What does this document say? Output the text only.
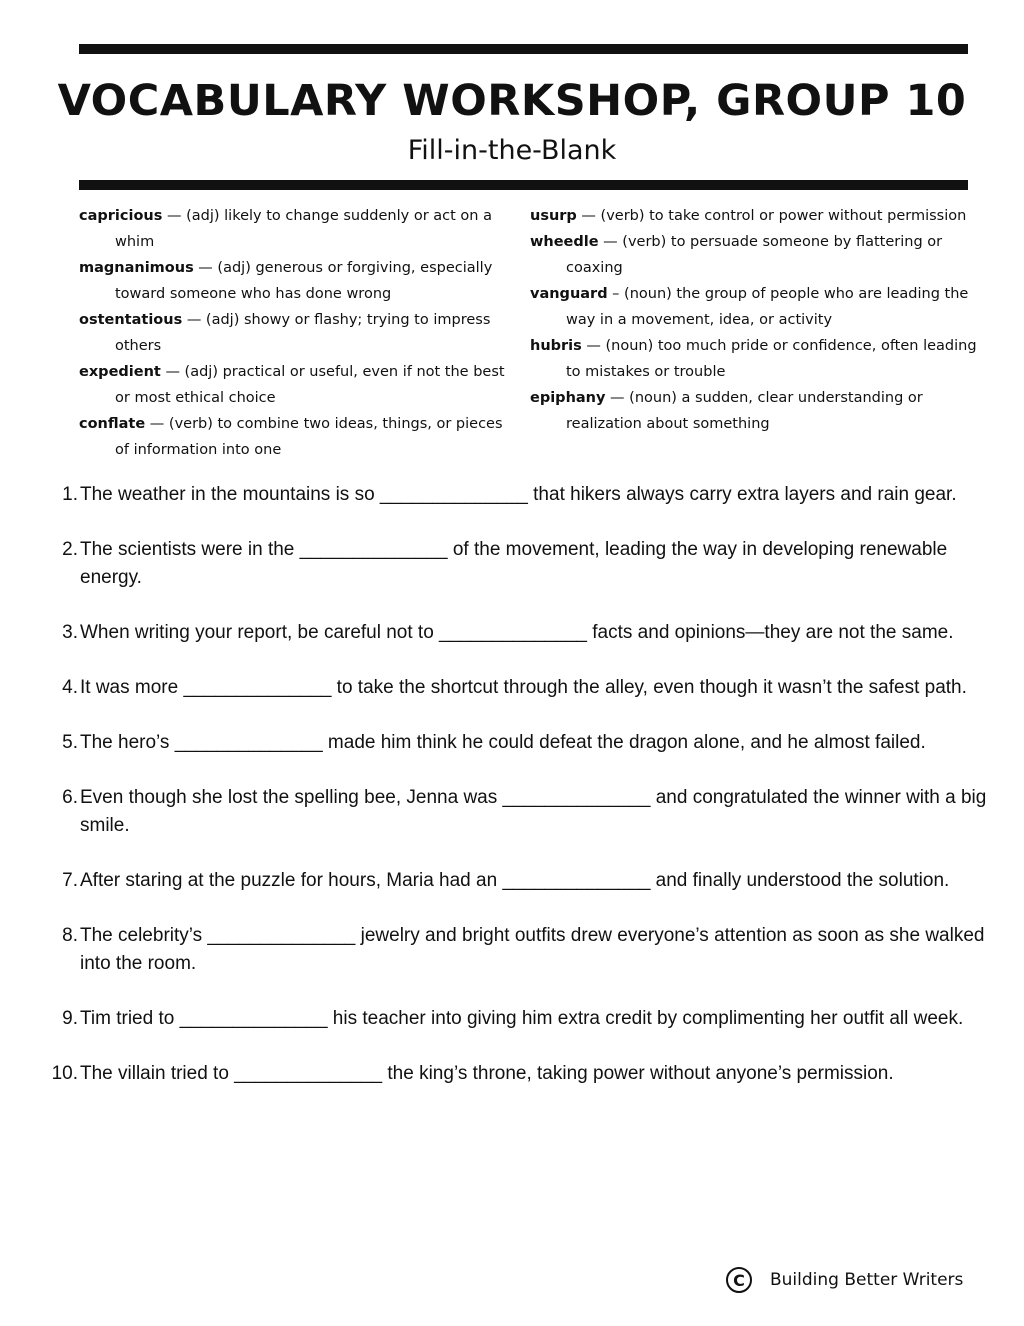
VOCABULARY WORKSHOP, GROUP 10
Fill-in-the-Blank
capricious — (adj) likely to change suddenly or act on a whim
magnanimous — (adj) generous or forgiving, especially toward someone who has done wrong
ostentatious — (adj) showy or flashy; trying to impress others
expedient — (adj) practical or useful, even if not the best or most ethical choice
conflate — (verb) to combine two ideas, things, or pieces of information into one
usurp — (verb) to take control or power without permission
wheedle — (verb) to persuade someone by flattering or coaxing
vanguard – (noun) the group of people who are leading the way in a movement, idea, or activity
hubris — (noun) too much pride or confidence, often leading to mistakes or trouble
epiphany — (noun) a sudden, clear understanding or realization about something
1. The weather in the mountains is so ______________ that hikers always carry extra layers and rain gear.
2. The scientists were in the ______________ of the movement, leading the way in developing renewable energy.
3. When writing your report, be careful not to ______________ facts and opinions—they are not the same.
4. It was more ______________ to take the shortcut through the alley, even though it wasn’t the safest path.
5. The hero’s ______________ made him think he could defeat the dragon alone, and he almost failed.
6. Even though she lost the spelling bee, Jenna was ______________ and congratulated the winner with a big smile.
7. After staring at the puzzle for hours, Maria had an ______________ and finally understood the solution.
8. The celebrity’s ______________ jewelry and bright outfits drew everyone’s attention as soon as she walked into the room.
9. Tim tried to ______________ his teacher into giving him extra credit by complimenting her outfit all week.
10. The villain tried to ______________ the king’s throne, taking power without anyone’s permission.
C	Building Better Writers
